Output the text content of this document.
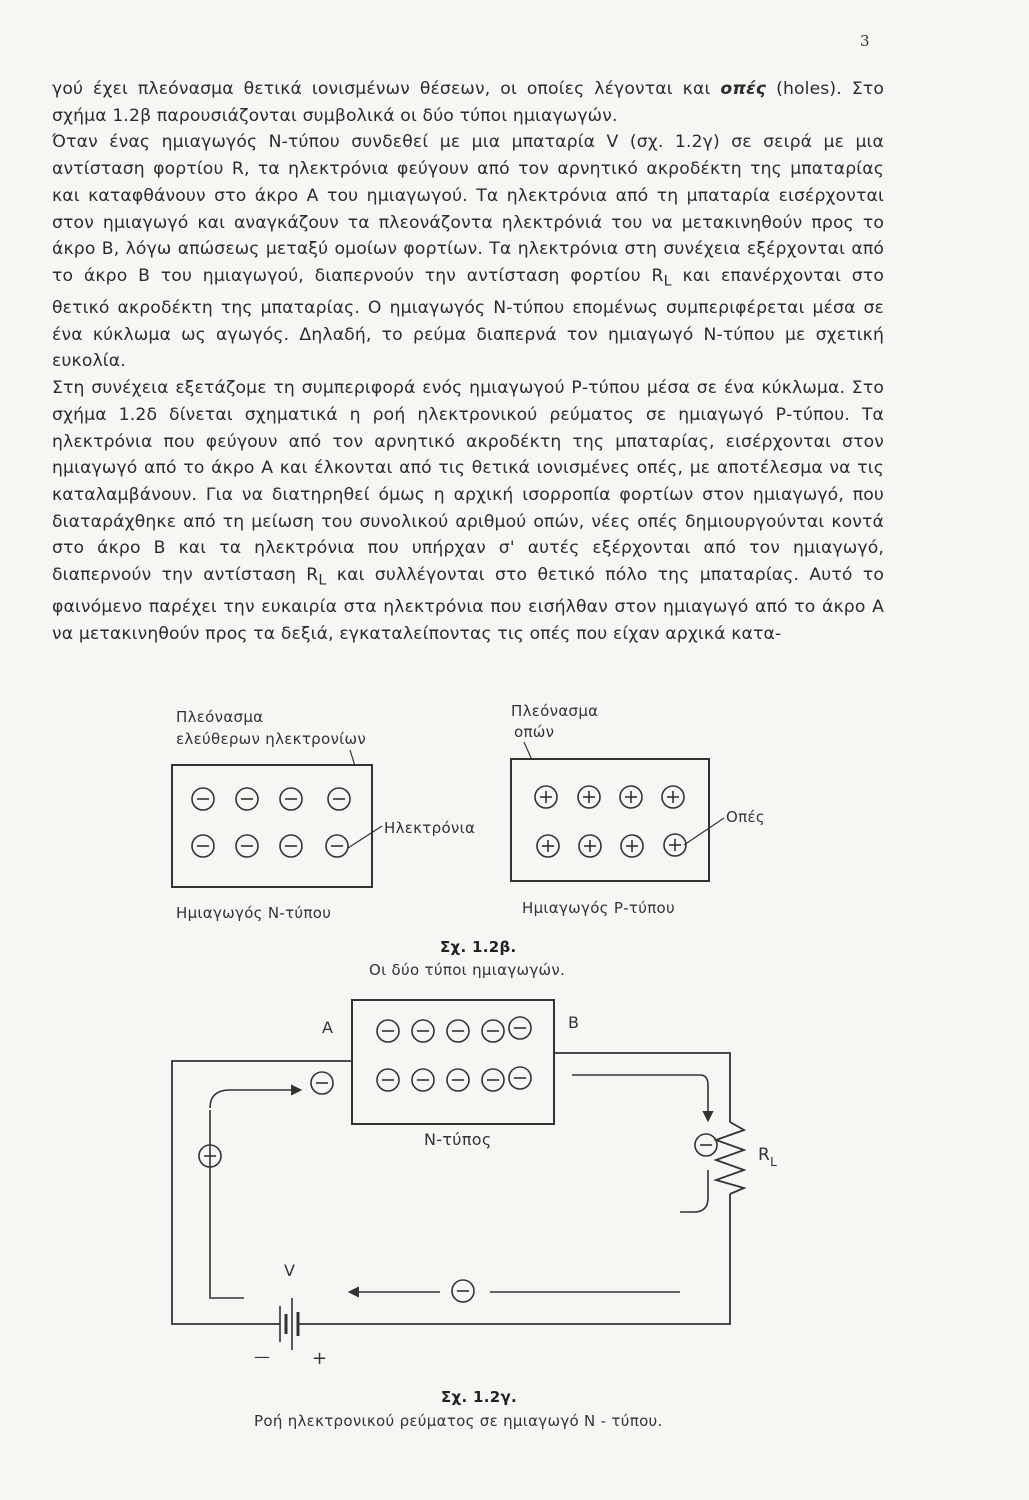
3

γού έχει πλεόνασμα θετικά ιονισμένων θέσεων, οι οποίες λέγονται και οπές (holes). Στο σχήμα 1.2β παρουσιάζονται συμβολικά οι δύο τύποι ημιαγωγών.

Όταν ένας ημιαγωγός Ν-τύπου συνδεθεί με μια μπαταρία V (σχ. 1.2γ) σε σειρά με μια αντίσταση φορτίου R, τα ηλεκτρόνια φεύγουν από τον αρνητικό ακροδέκτη της μπαταρίας και καταφθάνουν στο άκρο Α του ημιαγωγού. Τα ηλεκτρόνια από τη μπαταρία εισέρχονται στον ημιαγωγό και αναγκάζουν τα πλεονάζοντα ηλεκτρόνιά του να μετακινηθούν προς το άκρο Β, λόγω απώσεως μεταξύ ομοίων φορτίων. Τα ηλεκτρόνια στη συνέχεια εξέρχονται από το άκρο Β του ημιαγωγού, διαπερνούν την αντίσταση φορτίου $R_L$ και επανέρχονται στο θετικό ακροδέκτη της μπαταρίας. Ο ημιαγωγός Ν-τύπου επομένως συμπεριφέρεται μέσα σε ένα κύκλωμα ως αγωγός. Δηλαδή, το ρεύμα διαπερνά τον ημιαγωγό Ν-τύπου με σχετική ευκολία.

Στη συνέχεια εξετάζομε τη συμπεριφορά ενός ημιαγωγού Ρ-τύπου μέσα σε ένα κύκλωμα. Στο σχήμα 1.2δ δίνεται σχηματικά η ροή ηλεκτρονικού ρεύματος σε ημιαγωγό Ρ-τύπου. Τα ηλεκτρόνια που φεύγουν από τον αρνητικό ακροδέκτη της μπαταρίας, εισέρχονται στον ημιαγωγό από το άκρο Α και έλκονται από τις θετικά ιονισμένες οπές, με αποτέλεσμα να τις καταλαμβάνουν. Για να διατηρηθεί όμως η αρχική ισορροπία φορτίων στον ημιαγωγό, που διαταράχθηκε από τη μείωση του συνολικού αριθμού οπών, νέες οπές δημιουργούνται κοντά στο άκρο Β και τα ηλεκτρόνια που υπήρχαν σ' αυτές εξέρχονται από τον ημιαγωγό, διαπερνούν την αντίσταση $R_L$ και συλλέγονται στο θετικό πόλο της μπαταρίας. Αυτό το φαινόμενο παρέχει την ευκαιρία στα ηλεκτρόνια που εισήλθαν στον ημιαγωγό από το άκρο Α να μετακινηθούν προς τα δεξιά, εγκαταλείποντας τις οπές που είχαν αρχικά κατα-

Πλεόνασμα
ελεύθερων ηλεκτρονίων
Ηλεκτρόνια
Ημιαγωγός Ν-τύπου
Πλεόνασμα
οπών
Οπές
Ημιαγωγός Ρ-τύπου
Σχ. 1.2β.
Οι δύο τύποι ημιαγωγών.
Α	Β
$R_L$
V
— +
Ν-τύπος
Σχ. 1.2γ.
Ροή ηλεκτρονικού ρεύματος σε ημιαγωγό Ν - τύπου.
